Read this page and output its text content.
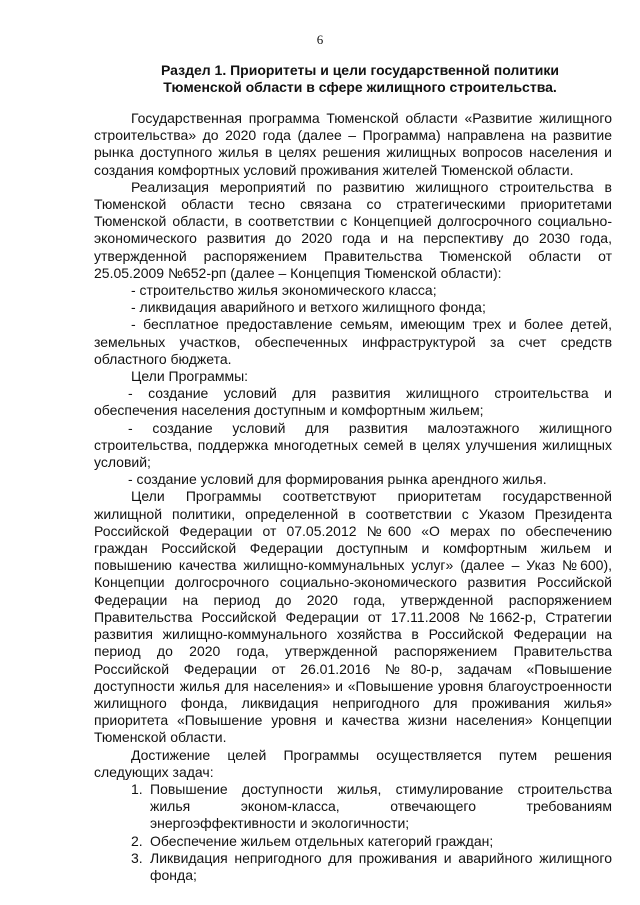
6
Раздел 1. Приоритеты и цели государственной политики
Тюменской области в сфере жилищного строительства.

Государственная программа Тюменской области «Развитие жилищного строительства» до 2020 года (далее – Программа) направлена на развитие рынка доступного жилья в целях решения жилищных вопросов населения и создания комфортных условий проживания жителей Тюменской области.

Реализация мероприятий по развитию жилищного строительства в Тюменской области тесно связана со стратегическими приоритетами Тюменской области, в соответствии с Концепцией долгосрочного социально-экономического развития до 2020 года и на перспективу до 2030 года, утвержденной распоряжением Правительства Тюменской области от 25.05.2009 №652-рп (далее – Концепция Тюменской области):

- строительство жилья экономического класса;

- ликвидация аварийного и ветхого жилищного фонда;

- бесплатное предоставление семьям, имеющим трех и более детей, земельных участков, обеспеченных инфраструктурой за счет средств областного бюджета.

Цели Программы:

- создание условий для развития жилищного строительства и обеспечения населения доступным и комфортным жильем;

- создание условий для развития малоэтажного жилищного строительства, поддержка многодетных семей в целях улучшения жилищных условий;

- создание условий для формирования рынка арендного жилья.

Цели Программы соответствуют приоритетам государственной жилищной политики, определенной в соответствии с Указом Президента Российской Федерации от 07.05.2012 №600 «О мерах по обеспечению граждан Российской Федерации доступным и комфортным жильем и повышению качества жилищно-коммунальных услуг» (далее – Указ №600), Концепции долгосрочного социально-экономического развития Российской Федерации на период до 2020 года, утвержденной распоряжением Правительства Российской Федерации от 17.11.2008 №1662-р, Стратегии развития жилищно-коммунального хозяйства в Российской Федерации на период до 2020 года, утвержденной распоряжением Правительства Российской Федерации от 26.01.2016 №80-р, задачам «Повышение доступности жилья для населения» и «Повышение уровня благоустроенности жилищного фонда, ликвидация непригодного для проживания жилья» приоритета «Повышение уровня и качества жизни населения» Концепции Тюменской области.

Достижение целей Программы осуществляется путем решения следующих задач:

1. Повышение доступности жилья, стимулирование строительства жилья эконом-класса, отвечающего требованиям энергоэффективности и экологичности;
2. Обеспечение жильем отдельных категорий граждан;
3. Ликвидация непригодного для проживания и аварийного жилищного фонда;
